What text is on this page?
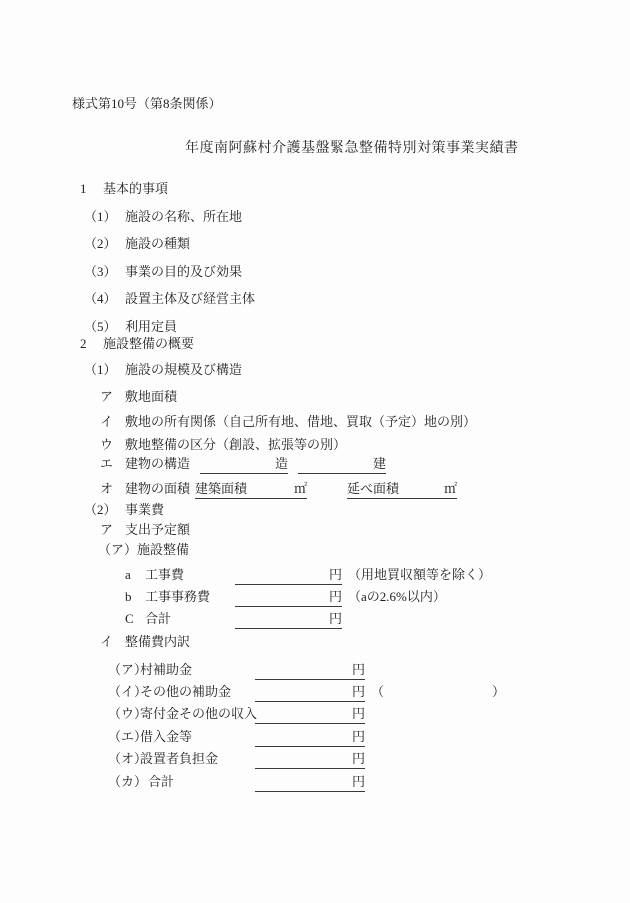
様式第10号（第8条関係）
年度南阿蘇村介護基盤緊急整備特別対策事業実績書
1 基本的事項
（1） 施設の名称、所在地
（2） 施設の種類
（3） 事業の目的及び効果
（4） 設置主体及び経営主体
（5） 利用定員
2 施設整備の概要
（1） 施設の規模及び構造
ア 敷地面積
イ 敷地の所有関係（自己所有地、借地、買取（予定）地の別）
ウ 敷地整備の区分（創設、拡張等の別）
エ 建物の構造	造	建
オ 建物の面積 建築面積	㎡	延べ面積	㎡
（2） 事業費
ア 支出予定額
（ア）施設整備
a 工事費	円 （用地買収額等を除く）
b 工事事務費	円 （aの2.6%以内）
C 合計	円
イ 整備費内訳
（ア）村補助金	円
（イ）その他の補助金	円 （	）
（ウ）寄付金その他の収入	円
（エ）借入金等	円
（オ）設置者負担金	円
（カ）合計	円
